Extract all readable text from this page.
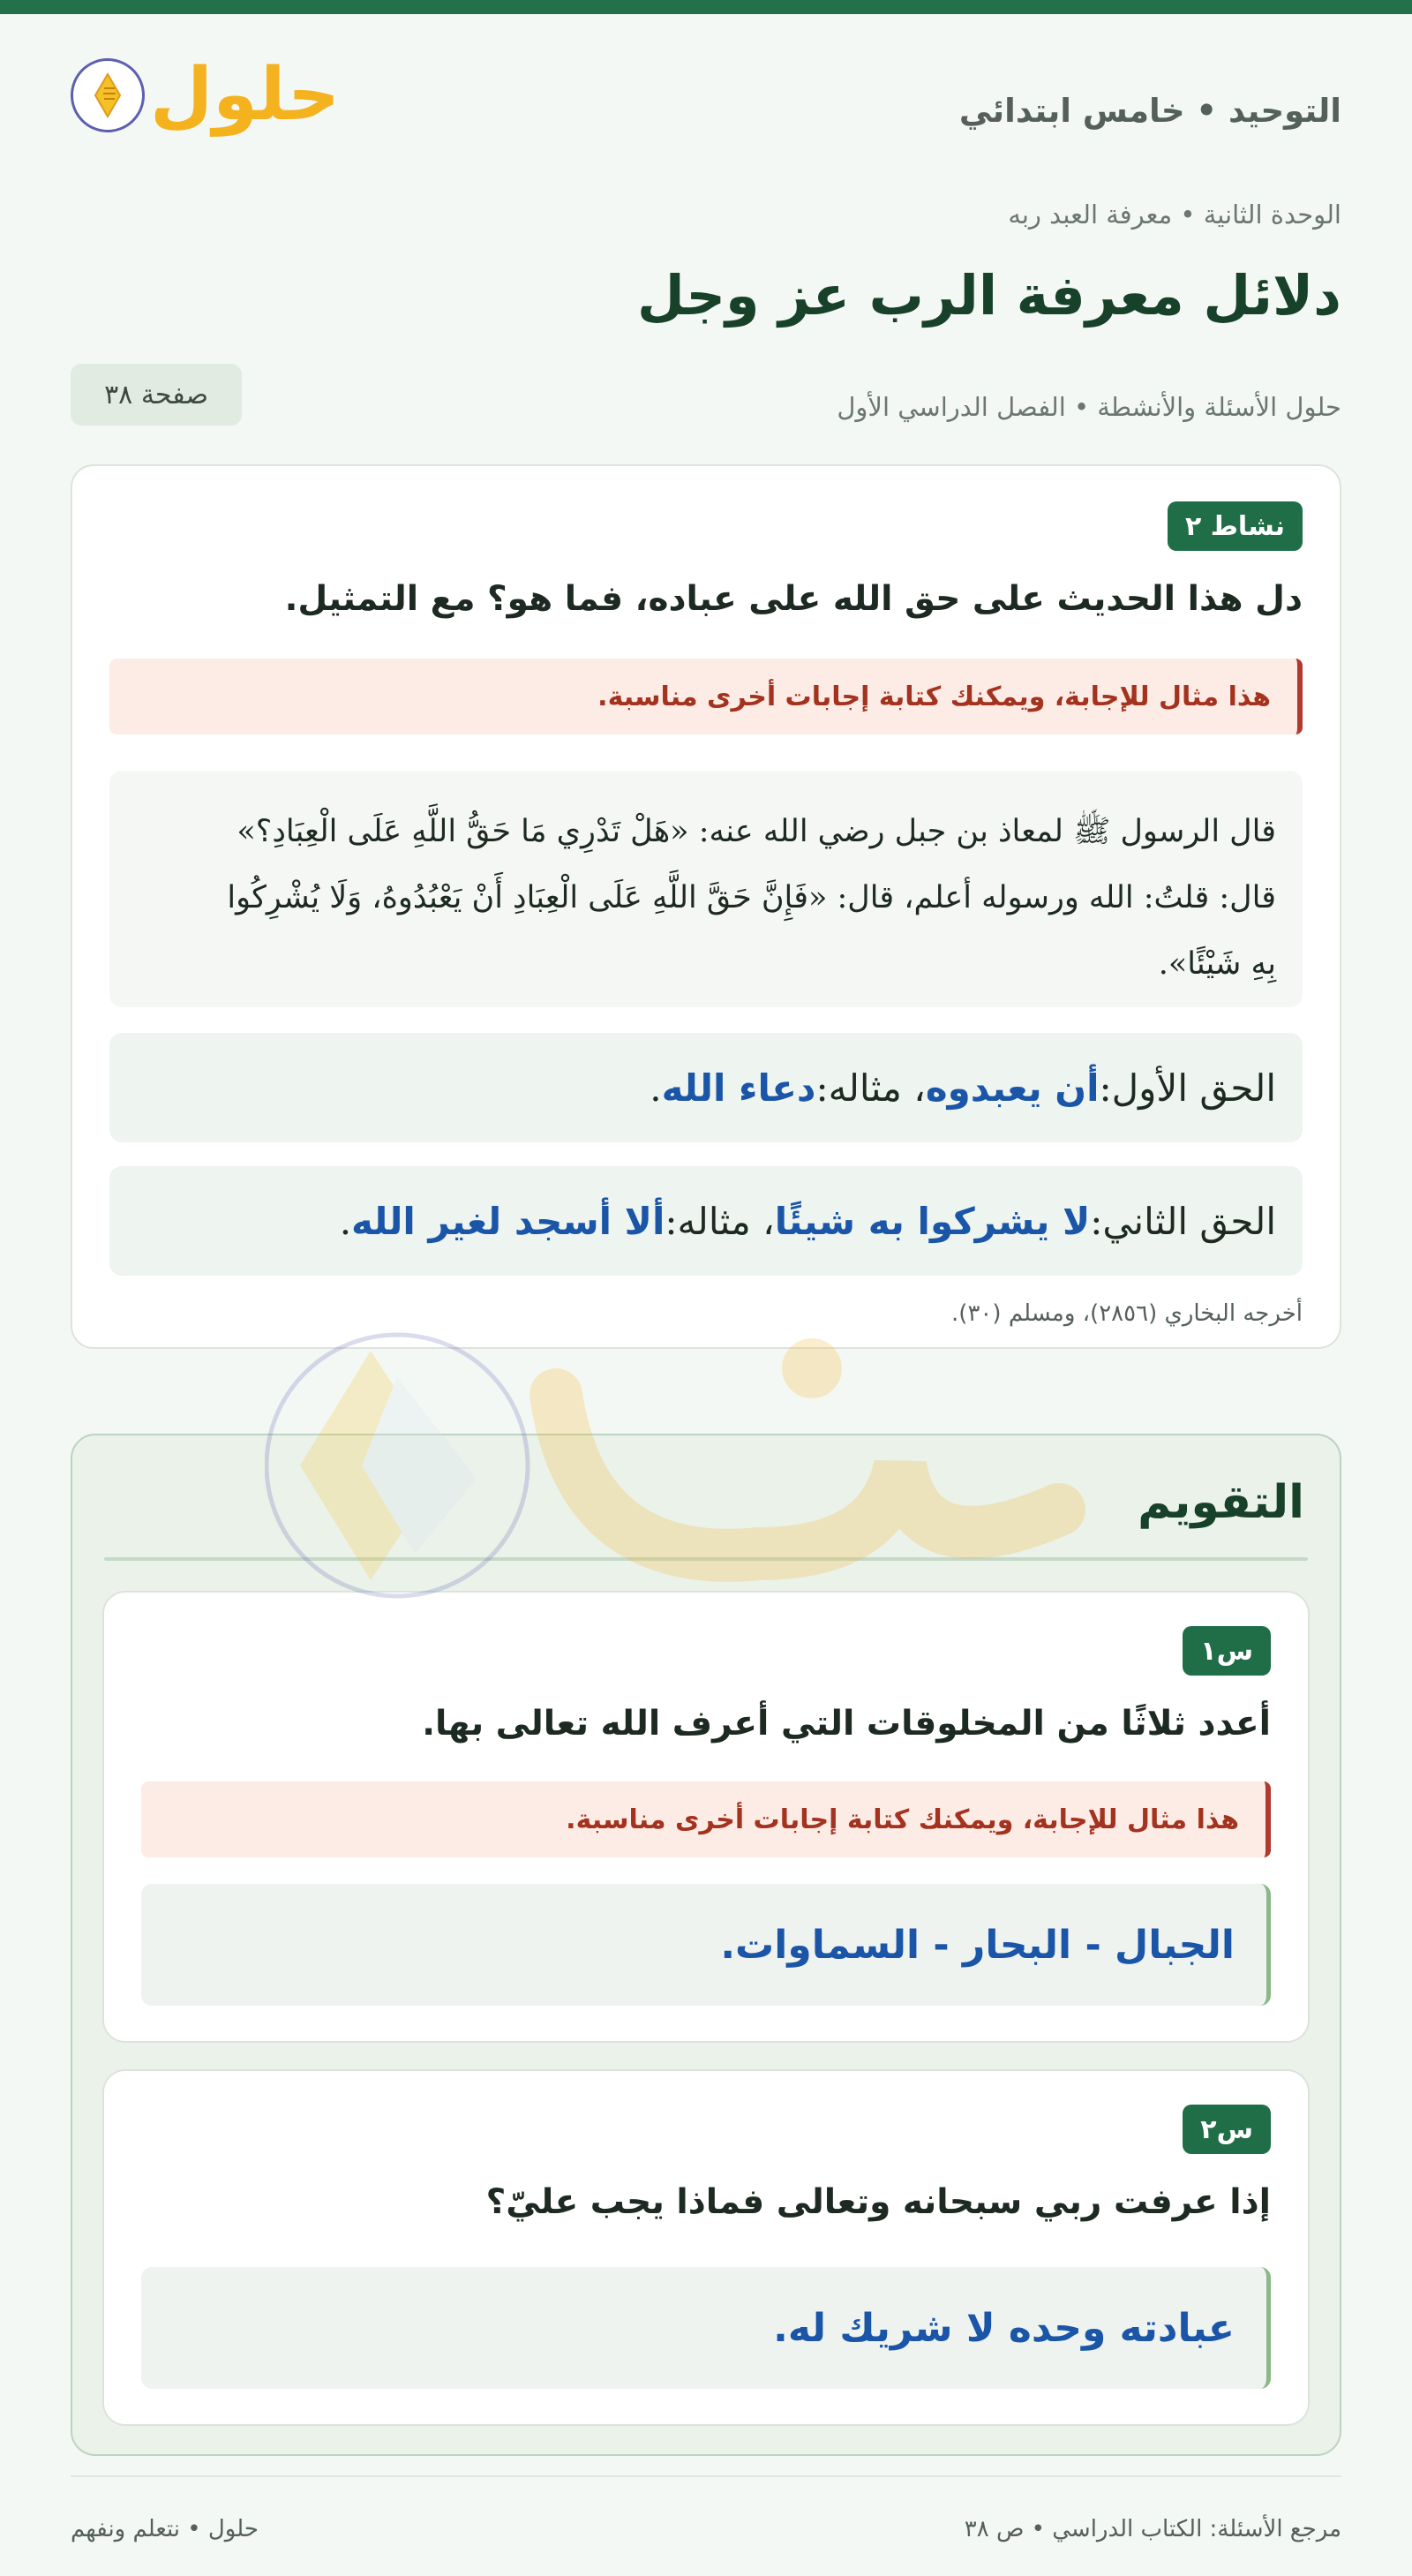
التوحيد • خامس ابتدائي
حلول
الوحدة الثانية • معرفة العبد ربه
دلائل معرفة الرب عز وجل
حلول الأسئلة والأنشطة • الفصل الدراسي الأول
صفحة ٣٨
نشاط ٢
دل هذا الحديث على حق الله على عباده، فما هو؟ مع التمثيل.
هذا مثال للإجابة، ويمكنك كتابة إجابات أخرى مناسبة.
قال الرسول ﷺ لمعاذ بن جبل رضي الله عنه: «هَلْ تَدْرِي مَا حَقُّ اللَّهِ عَلَى الْعِبَادِ؟»
قال: قلتُ: الله ورسوله أعلم، قال: «فَإِنَّ حَقَّ اللَّهِ عَلَى الْعِبَادِ أَنْ يَعْبُدُوهُ، وَلَا يُشْرِكُوا
بِهِ شَيْئًا».
الحق الأول:
أن يعبدوه
، مثاله:
دعاء الله
.
الحق الثاني:
لا يشركوا به شيئًا
، مثاله:
ألا أسجد لغير الله
.
أخرجه البخاري (٢٨٥٦)، ومسلم (٣٠).
التقويم
س١
أعدد ثلاثًا من المخلوقات التي أعرف الله تعالى بها.
هذا مثال للإجابة، ويمكنك كتابة إجابات أخرى مناسبة.
الجبال - البحار - السماوات.
س٢
إذا عرفت ربي سبحانه وتعالى فماذا يجب عليّ؟
عبادته وحده لا شريك له.
مرجع الأسئلة: الكتاب الدراسي • ص ٣٨
حلول • نتعلم ونفهم
